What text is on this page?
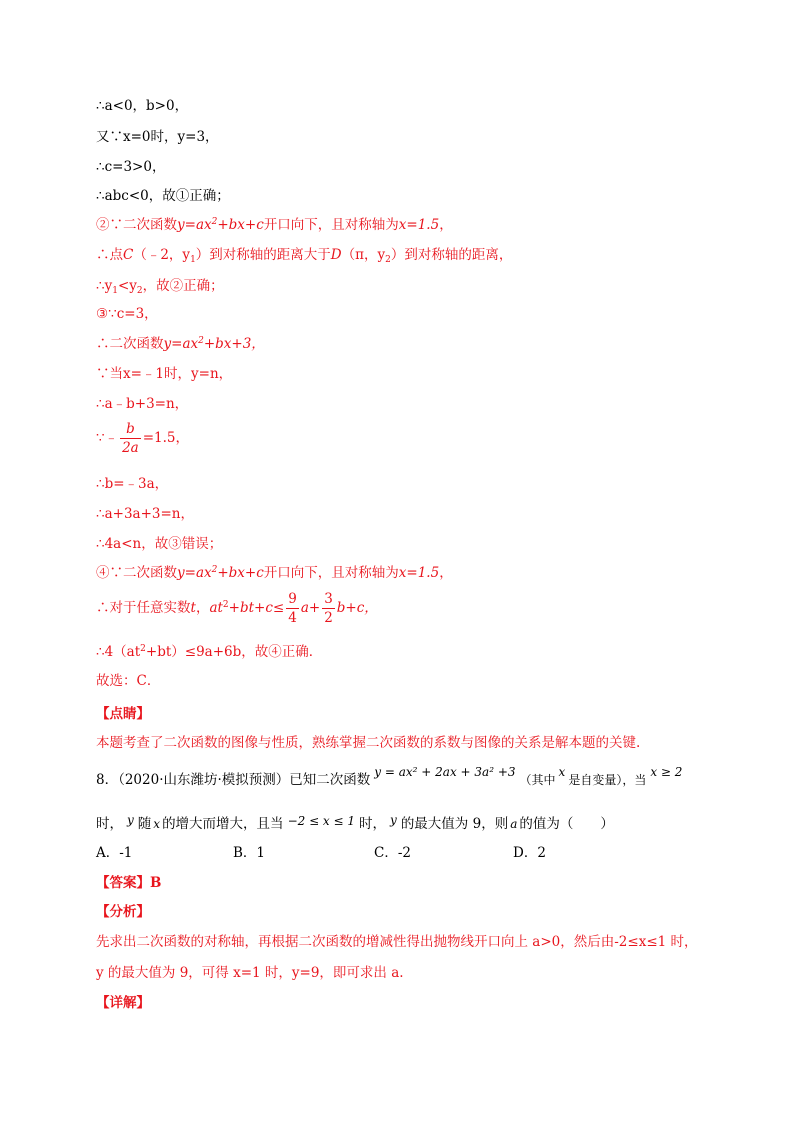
∴a<0，b>0，
又∵x=0时，y=3，
∴c=3>0，
∴abc<0，故①正确；
②∵二次函数$y=ax^2+bx+c$开口向下，且对称轴为x=1.5，
∴点C（﹣2，$y_1$）到对称轴的距离大于D（π，$y_2$）到对称轴的距离，
$\therefore y_1<y_2$，故②正确；
③∵c=3，
∴二次函数$y=ax^2+bx+3$，
∵当x=﹣1时，y=n，
∴a﹣b+3=n，
∵﹣ $\frac{b}{2a} =1.5$，
∴b=﹣3a，
∴a+3a+3=n，
∴4a<n，故③错误；
④∵二次函数$y=ax^2+bx+c$开口向下，且对称轴为x=1.5，
∴对于任意实数t，$at^2+bt+c\le \frac{9}{4} a+ \frac{3}{2} b+c$，
$\therefore 4(at^2+bt)\le 9a+6b$，故④正确．
故选：C．
【点睛】
本题考查了二次函数的图像与性质，熟练掌握二次函数的系数与图像的关系是解本题的关键.
8．（2020·山东潍坊·模拟预测）已知二次函数 y = ax² + 2ax + 3a² +3（其中x是自变量），当x ≥ 2
时， y 随 x 的增大而增大，且当 −2 ≤ x ≤ 1 时， y 的最大值为 9，则 a 的值为（　　）
A．-1	B．1	C．-2	D．2
【答案】B
【分析】
先求出二次函数的对称轴，再根据二次函数的增减性得出抛物线开口向上 a>0，然后由-2≤x≤1 时，
y 的最大值为 9，可得 x=1 时，y=9，即可求出 a.
【详解】
